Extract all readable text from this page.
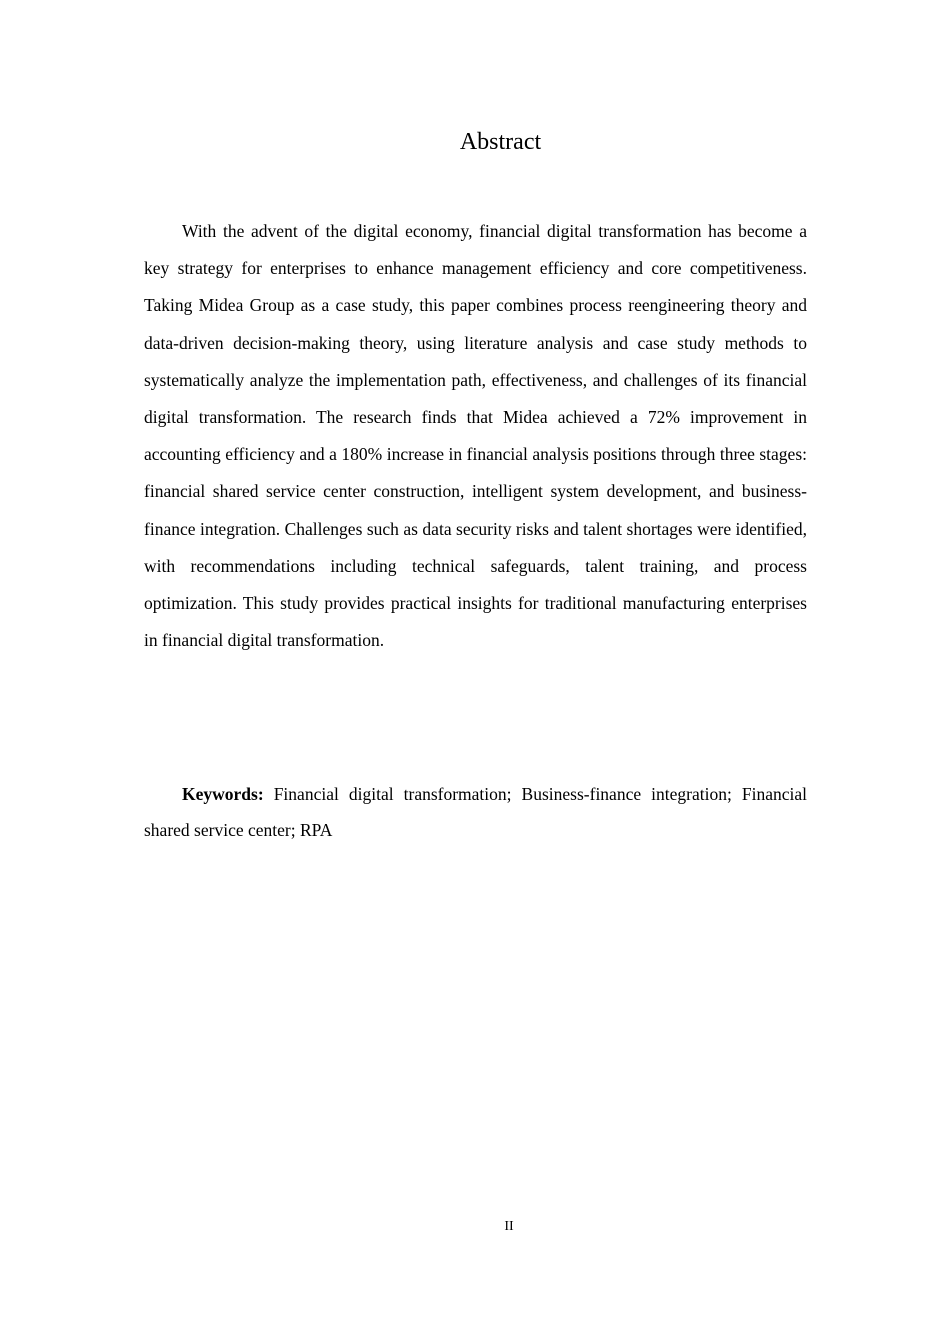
Abstract

With the advent of the digital economy, financial digital transformation has become a key strategy for enterprises to enhance management efficiency and core competitiveness. Taking Midea Group as a case study, this paper combines process reengineering theory and data-driven decision-making theory, using literature analysis and case study methods to systematically analyze the implementation path, effectiveness, and challenges of its financial digital transformation. The research finds that Midea achieved a 72% improvement in accounting efficiency and a 180% increase in financial analysis positions through three stages: financial shared service center construction, intelligent system development, and business-finance integration. Challenges such as data security risks and talent shortages were identified, with recommendations including technical safeguards, talent training, and process optimization. This study provides practical insights for traditional manufacturing enterprises in financial digital transformation.

Keywords: Financial digital transformation; Business-finance integration; Financial shared service center; RPA

II
